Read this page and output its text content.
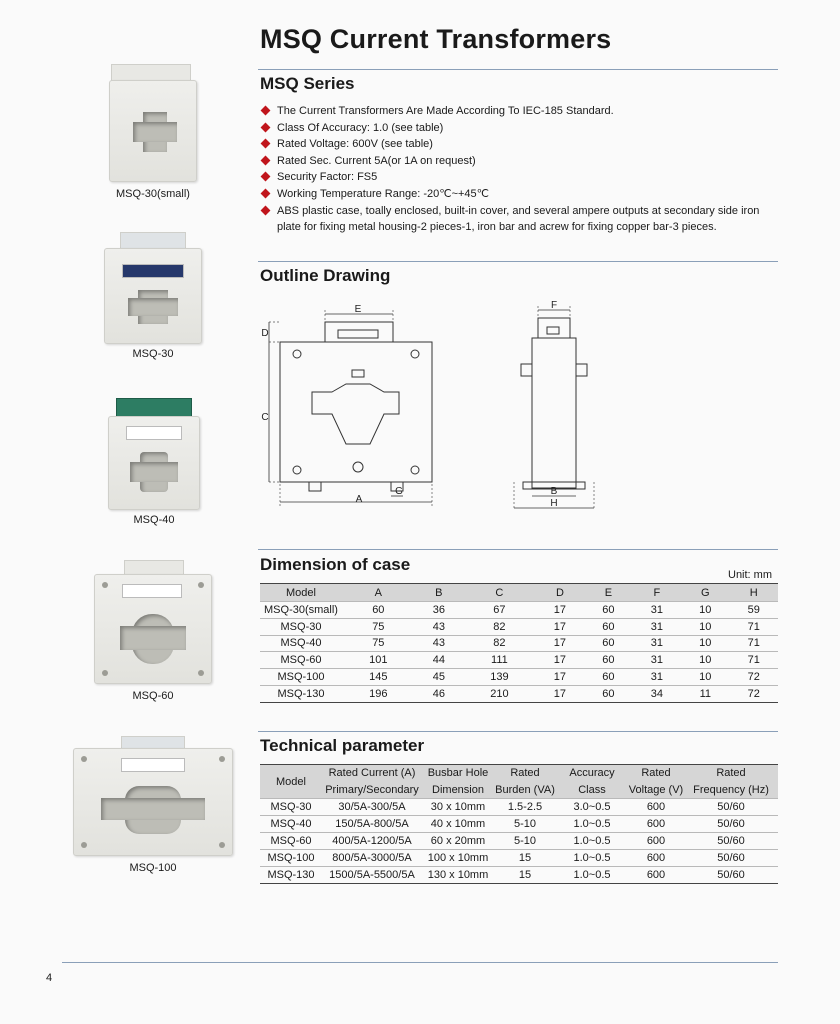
MSQ Current Transformers
MSQ-30(small)
MSQ-30
MSQ-40
MSQ-60
MSQ-100
MSQ Series
The Current Transformers Are Made According To IEC-185 Standard.
Class Of Accuracy: 1.0 (see table)
Rated Voltage: 600V (see table)
Rated Sec. Current 5A(or 1A on request)
Security Factor: FS5
Working Temperature Range: -20℃~+45℃
ABS plastic case, toally enclosed, built-in cover, and several ampere outputs at secondary side iron plate for fixing metal housing-2 pieces-1, iron bar and acrew for fixing copper bar-3 pieces.
Outline Drawing
D
C
E
A
G
F
B
H
Dimension of case
Unit: mm
Model	A	B	C	D	E	F	G	H
MSQ-30(small)	60	36	67	17	60	31	10	59
MSQ-30	75	43	82	17	60	31	10	71
MSQ-40	75	43	82	17	60	31	10	71
MSQ-60	101	44	111	17	60	31	10	71
MSQ-100	145	45	139	17	60	31	10	72
MSQ-130	196	46	210	17	60	34	11	72
Technical parameter
Model	Rated Current (A)	Busbar Hole	Rated	Accuracy	Rated	Rated
	Primary/Secondary	Dimension	Burden (VA)	Class	Voltage (V)	Frequency (Hz)
MSQ-30	30/5A-300/5A	30 x 10mm	1.5-2.5	3.0~0.5	600	50/60
MSQ-40	150/5A-800/5A	40 x 10mm	5-10	1.0~0.5	600	50/60
MSQ-60	400/5A-1200/5A	60 x 20mm	5-10	1.0~0.5	600	50/60
MSQ-100	800/5A-3000/5A	100 x 10mm	15	1.0~0.5	600	50/60
MSQ-130	1500/5A-5500/5A	130 x 10mm	15	1.0~0.5	600	50/60
4
